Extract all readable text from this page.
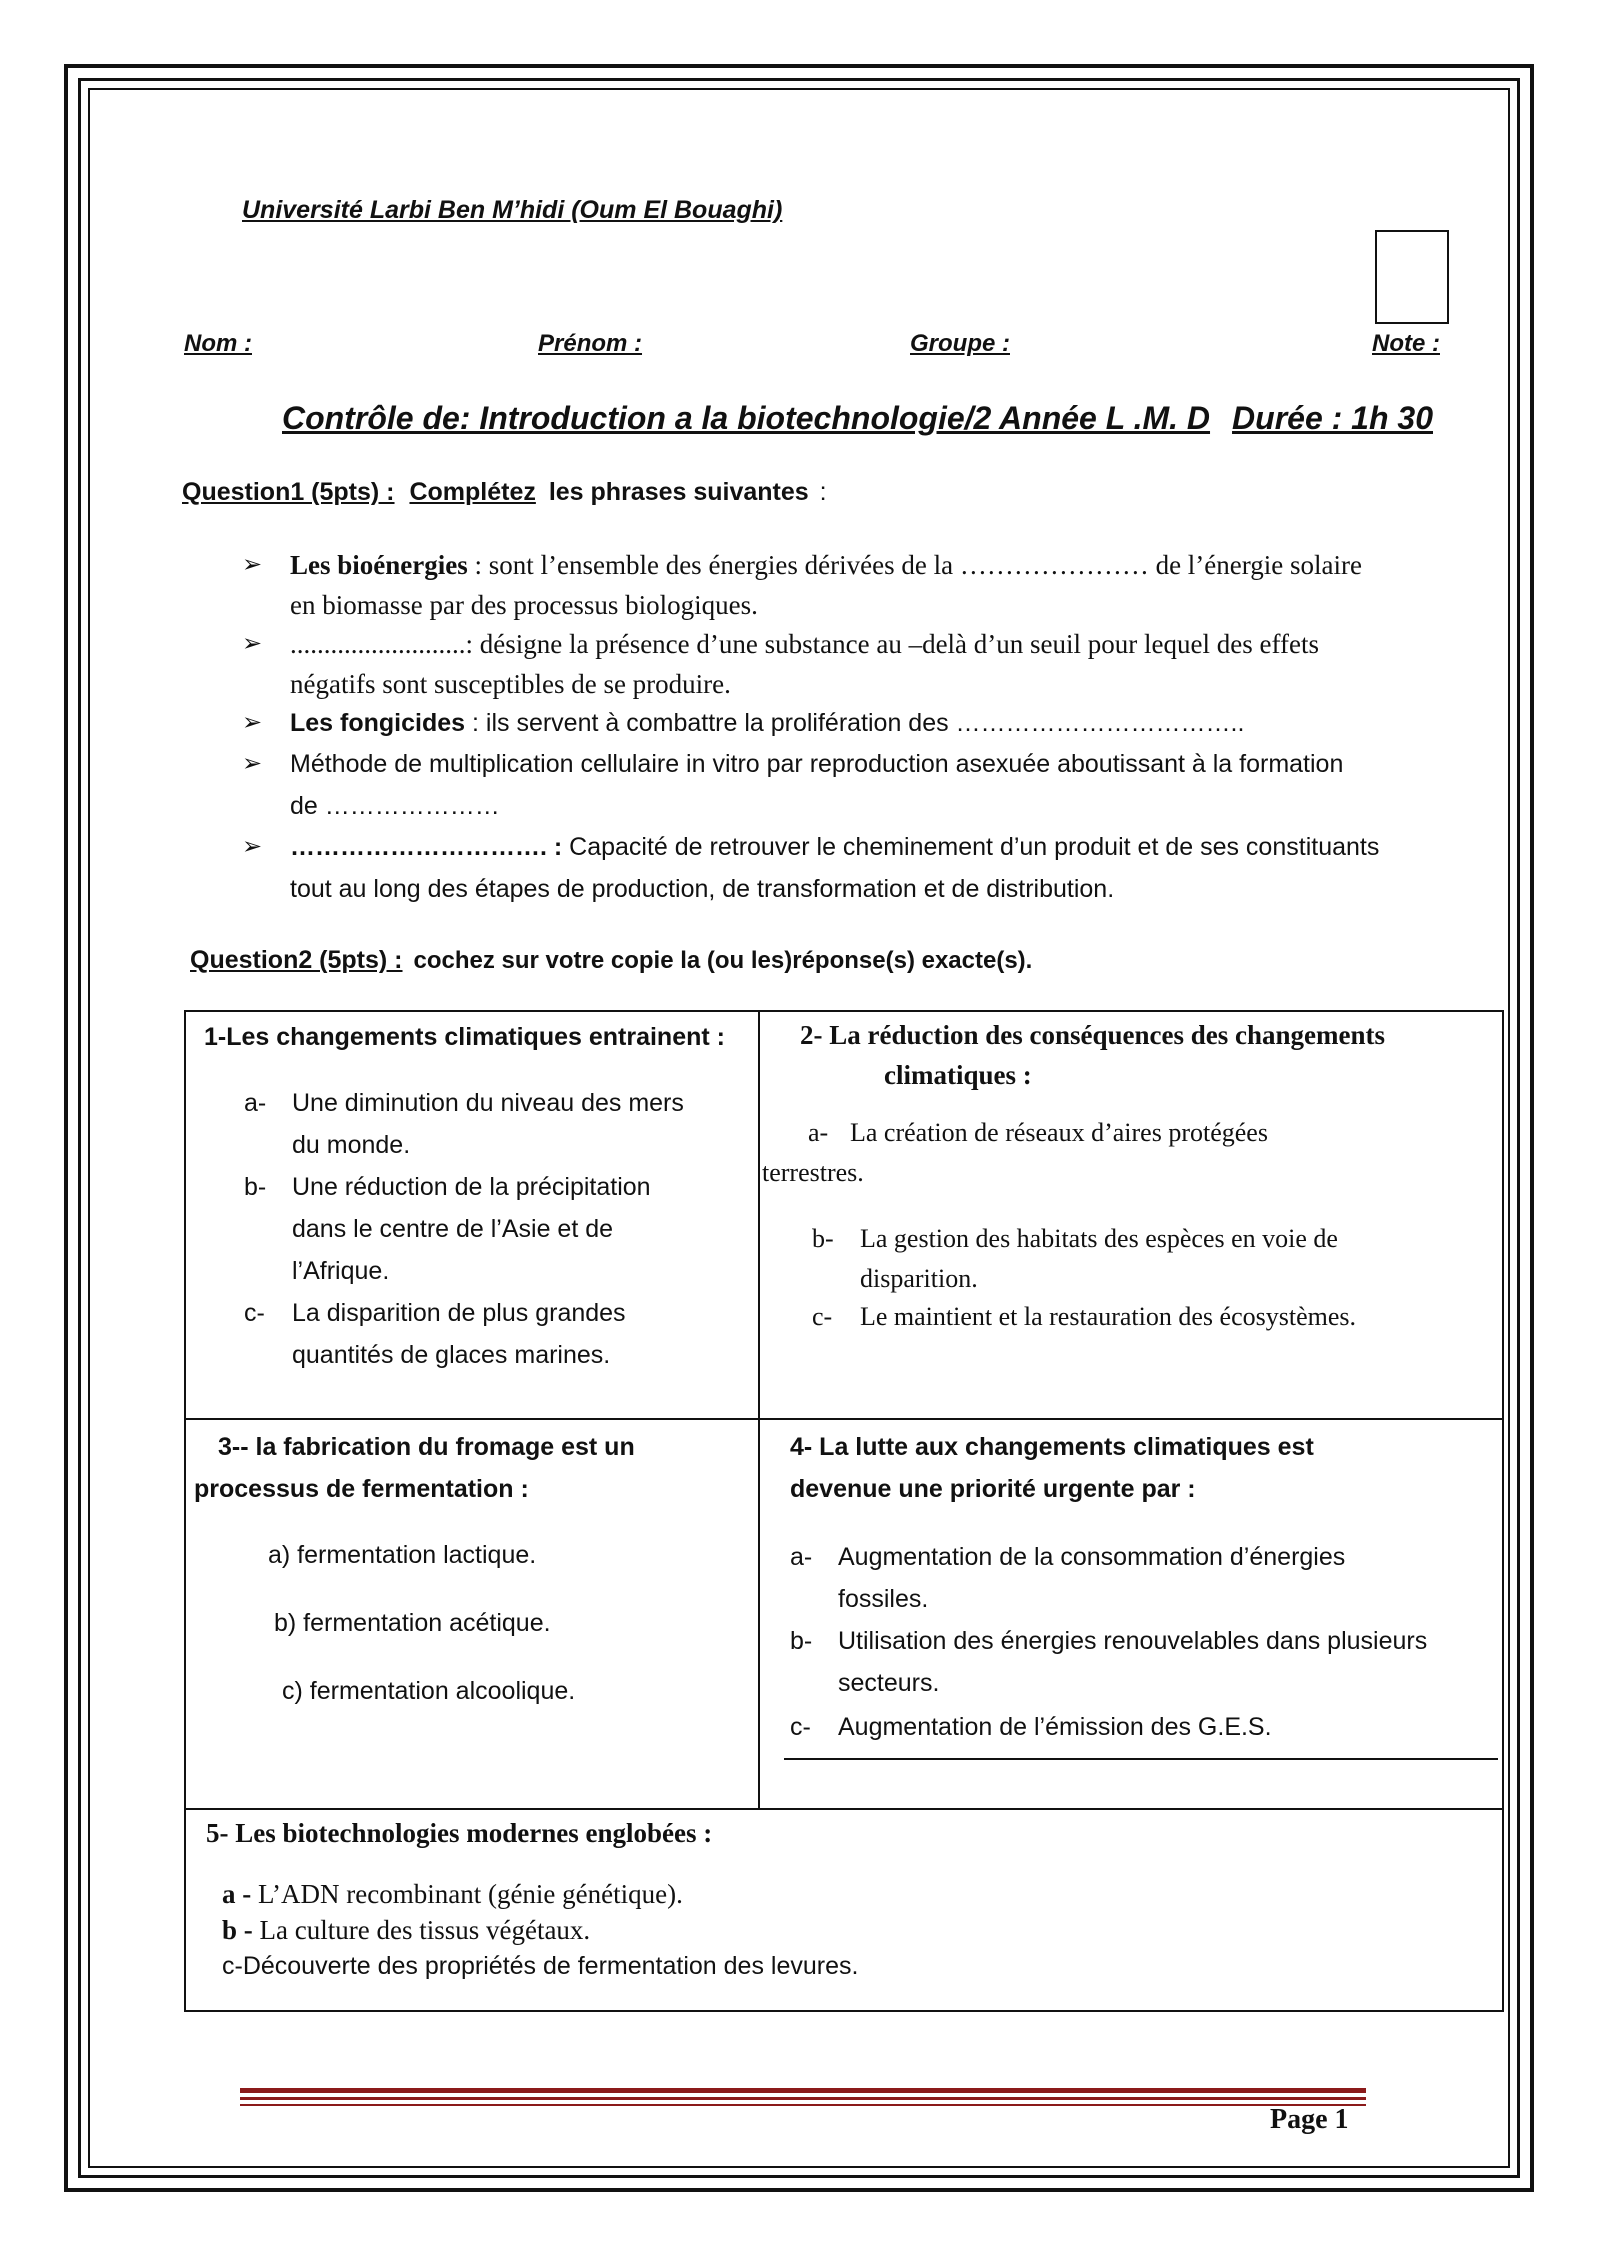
Université Larbi Ben M’hidi (Oum El Bouaghi)
Nom :	Prénom :	Groupe :	Note :
Contrôle de: Introduction a la biotechnologie/2 Année L .M. D Durée : 1h 30
Question1 (5pts) : Complétez les phrases suivantes :
➢ Les bioénergies : sont l’ensemble des énergies dérivées de la ………………… de l’énergie solaire
en biomasse par des processus biologiques.
➢ ..........................: désigne la présence d’une substance au –delà d’un seuil pour lequel des effets
négatifs sont susceptibles de se produire.
➢ Les fongicides : ils servent à combattre la prolifération des ……………………………..
➢ Méthode de multiplication cellulaire in vitro par reproduction asexuée aboutissant à la formation
de …………………
➢ …………………………. : Capacité de retrouver le cheminement d’un produit et de ses constituants
tout au long des étapes de production, de transformation et de distribution.
Question2 (5pts) : cochez sur votre copie la (ou les)réponse(s) exacte(s).
1-Les changements climatiques entrainent :
a- Une diminution du niveau des mers
du monde.
b- Une réduction de la précipitation
dans le centre de l’Asie et de
l’Afrique.
c- La disparition de plus grandes
quantités de glaces marines.
2- La réduction des conséquences des changements
climatiques :
a- La création de réseaux d’aires protégées
terrestres.
b- La gestion des habitats des espèces en voie de
disparition.
c- Le maintient et la restauration des écosystèmes.
3-- la fabrication du fromage est un
processus de fermentation :
a) fermentation lactique.
b) fermentation acétique.
c) fermentation alcoolique.
4- La lutte aux changements climatiques est
devenue une priorité urgente par :
a- Augmentation de la consommation d’énergies
fossiles.
b- Utilisation des énergies renouvelables dans plusieurs
secteurs.
c- Augmentation de l’émission des G.E.S.
5- Les biotechnologies modernes englobées :
a - L’ADN recombinant (génie génétique).
b - La culture des tissus végétaux.
c-Découverte des propriétés de fermentation des levures.
Page 1
